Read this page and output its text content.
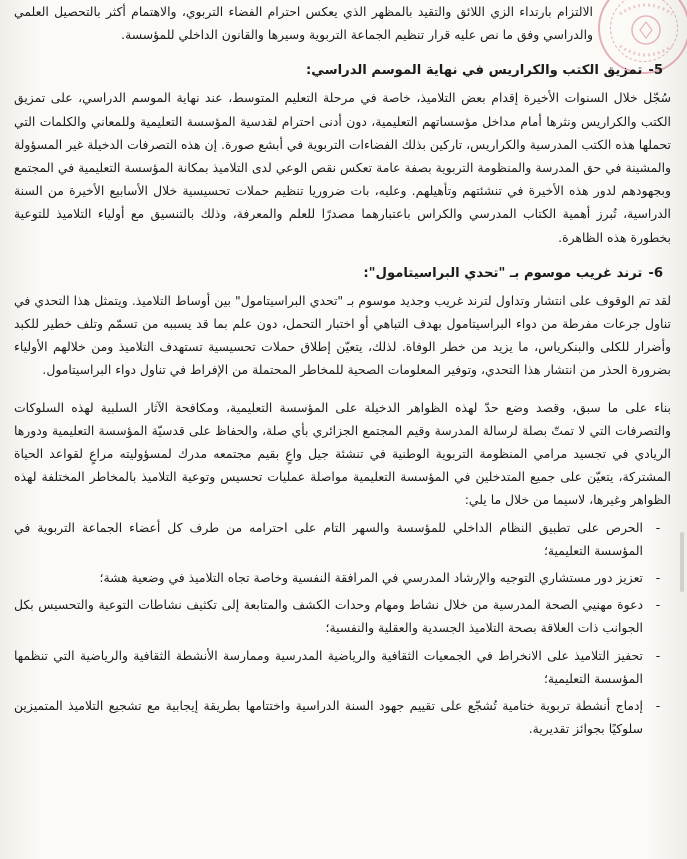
الالتزام بارتداء الزي اللائق والتقيد بالمظهر الذي يعكس احترام الفضاء التربوي، والاهتمام أكثر بالتحصيل العلمي والدراسي وفق ما نص عليه قرار تنظيم الجماعة التربوية وسيرها والقانون الداخلي للمؤسسة.

5-تمزيق الكتب والكراريس في نهاية الموسم الدراسي:

سُجّل خلال السنوات الأخيرة إقدام بعض التلاميذ، خاصة في مرحلة التعليم المتوسط، عند نهاية الموسم الدراسي، على تمزيق الكتب والكراريس ونثرها أمام مداخل مؤسساتهم التعليمية، دون أدنى احترام لقدسية المؤسسة التعليمية وللمعاني والكلمات التي تحملها هذه الكتب المدرسية والكراريس، تاركين بذلك الفضاءات التربوية في أبشع صورة. إن هذه التصرفات الدخيلة غير المسؤولة والمشينة في حق المدرسة والمنظومة التربوية بصفة عامة تعكس نقص الوعي لدى التلاميذ بمكانة المؤسسة التعليمية في المجتمع وبجهودهم لدور هذه الأخيرة في تنشئتهم وتأهيلهم. وعليه، بات ضروريا تنظيم حملات تحسيسية خلال الأسابيع الأخيرة من السنة الدراسية، تُبرز أهمية الكتاب المدرسي والكراس باعتبارهما مصدرًا للعلم والمعرفة، وذلك بالتنسيق مع أولياء التلاميذ للتوعية بخطورة هذه الظاهرة.

6-ترند غريب موسوم بـ "تحدي البراسيتامول":

لقد تم الوقوف على انتشار وتداول لترند غريب وجديد موسوم بـ "تحدي البراسيتامول" بين أوساط التلاميذ. ويتمثل هذا التحدي في تناول جرعات مفرطة من دواء البراسيتامول بهدف التباهي أو اختبار التحمل، دون علم بما قد يسببه من تسمّم وتلف خطير للكبد وأضرار للكلى والبنكرياس، ما يزيد من خطر الوفاة. لذلك، يتعيّن إطلاق حملات تحسيسية تستهدف التلاميذ ومن خلالهم الأولياء بضرورة الحذر من انتشار هذا التحدي، وتوفير المعلومات الصحية للمخاطر المحتملة من الإفراط في تناول دواء البراسيتامول.

بناء على ما سبق، وقصد وضع حدّ لهذه الظواهر الدخيلة على المؤسسة التعليمية، ومكافحة الآثار السلبية لهذه السلوكات والتصرفات التي لا تمتّ بصلة لرسالة المدرسة وقيم المجتمع الجزائري بأي صلة، والحفاظ على قدسيّة المؤسسة التعليمية ودورها الريادي في تجسيد مرامي المنظومة التربوية الوطنية في تنشئة جيل واعٍ بقيم مجتمعه مدرك لمسؤوليته مراعٍ لقواعد الحياة المشتركة، يتعيّن على جميع المتدخلين في المؤسسة التعليمية مواصلة عمليات تحسيس وتوعية التلاميذ بالمخاطر المختلفة لهذه الظواهر وغيرها، لاسيما من خلال ما يلي:

-
الحرص على تطبيق النظام الداخلي للمؤسسة والسهر التام على احترامه من طرف كل أعضاء الجماعة التربوية في المؤسسة التعليمية؛
-
تعزيز دور مستشاري التوجيه والإرشاد المدرسي في المرافقة النفسية وخاصة تجاه التلاميذ في وضعية هشة؛
-
دعوة مهنيي الصحة المدرسية من خلال نشاط ومهام وحدات الكشف والمتابعة إلى تكثيف نشاطات التوعية والتحسيس بكل الجوانب ذات العلاقة بصحة التلاميذ الجسدية والعقلية والنفسية؛
-
تحفيز التلاميذ على الانخراط في الجمعيات الثقافية والرياضية المدرسية وممارسة الأنشطة الثقافية والرياضية التي تنظمها المؤسسة التعليمية؛
-
إدماج أنشطة تربوية ختامية تُشجّع على تقييم جهود السنة الدراسية واختتامها بطريقة إيجابية مع تشجيع التلاميذ المتميزين سلوكيًا بجوائز تقديرية.
